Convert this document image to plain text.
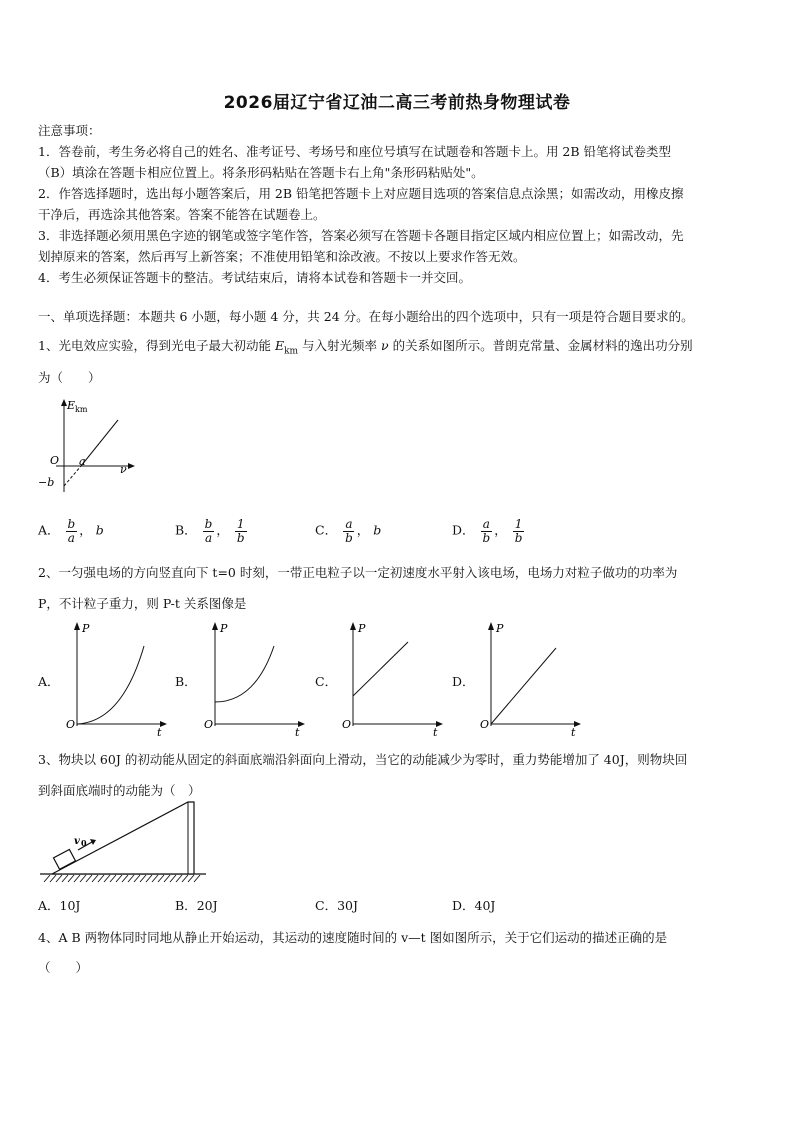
2026届辽宁省辽油二高三考前热身物理试卷
注意事项：
1．答卷前，考生务必将自己的姓名、准考证号、考场号和座位号填写在试题卷和答题卡上。用 2B 铅笔将试卷类型
（B）填涂在答题卡相应位置上。将条形码粘贴在答题卡右上角"条形码粘贴处"。
2．作答选择题时，选出每小题答案后，用 2B 铅笔把答题卡上对应题目选项的答案信息点涂黑；如需改动，用橡皮擦
干净后，再选涂其他答案。答案不能答在试题卷上。
3．非选择题必须用黑色字迹的钢笔或签字笔作答，答案必须写在答题卡各题目指定区域内相应位置上；如需改动，先
划掉原来的答案，然后再写上新答案；不准使用铅笔和涂改液。不按以上要求作答无效。
4．考生必须保证答题卡的整洁。考试结束后，请将本试卷和答题卡一并交回。
一、单项选择题：本题共 6 小题，每小题 4 分，共 24 分。在每小题给出的四个选项中，只有一项是符合题目要求的。
1、光电效应实验，得到光电子最大初动能 $E_{km}$ 与入射光频率 ν 的关系如图所示。普朗克常量、金属材料的逸出功分别
为（　　）
E km
O a
ν
−b
A． $\frac{b}{a}$ ， b	B． $\frac{b}{a}$ ， $\frac{1}{b}$	C． $\frac{a}{b}$ ， b	D． $\frac{a}{b}$ ， $\frac{1}{b}$
2、一匀强电场的方向竖直向下 t=0 时刻，一带正电粒子以一定初速度水平射入该电场，电场力对粒子做功的功率为
P，不计粒子重力，则 P-t 关系图像是
A．
P
O
t
B．
P
O
t
C．
P
O
t
D．
P
O
t
3、物块以 60J 的初动能从固定的斜面底端沿斜面向上滑动，当它的动能减少为零时，重力势能增加了 40J，则物块回
到斜面底端时的动能为（　）
v 0
A．10J	B．20J	C．30J	D．40J
4、A B 两物体同时同地从静止开始运动，其运动的速度随时间的 v—t 图如图所示，关于它们运动的描述正确的是
（　　）
